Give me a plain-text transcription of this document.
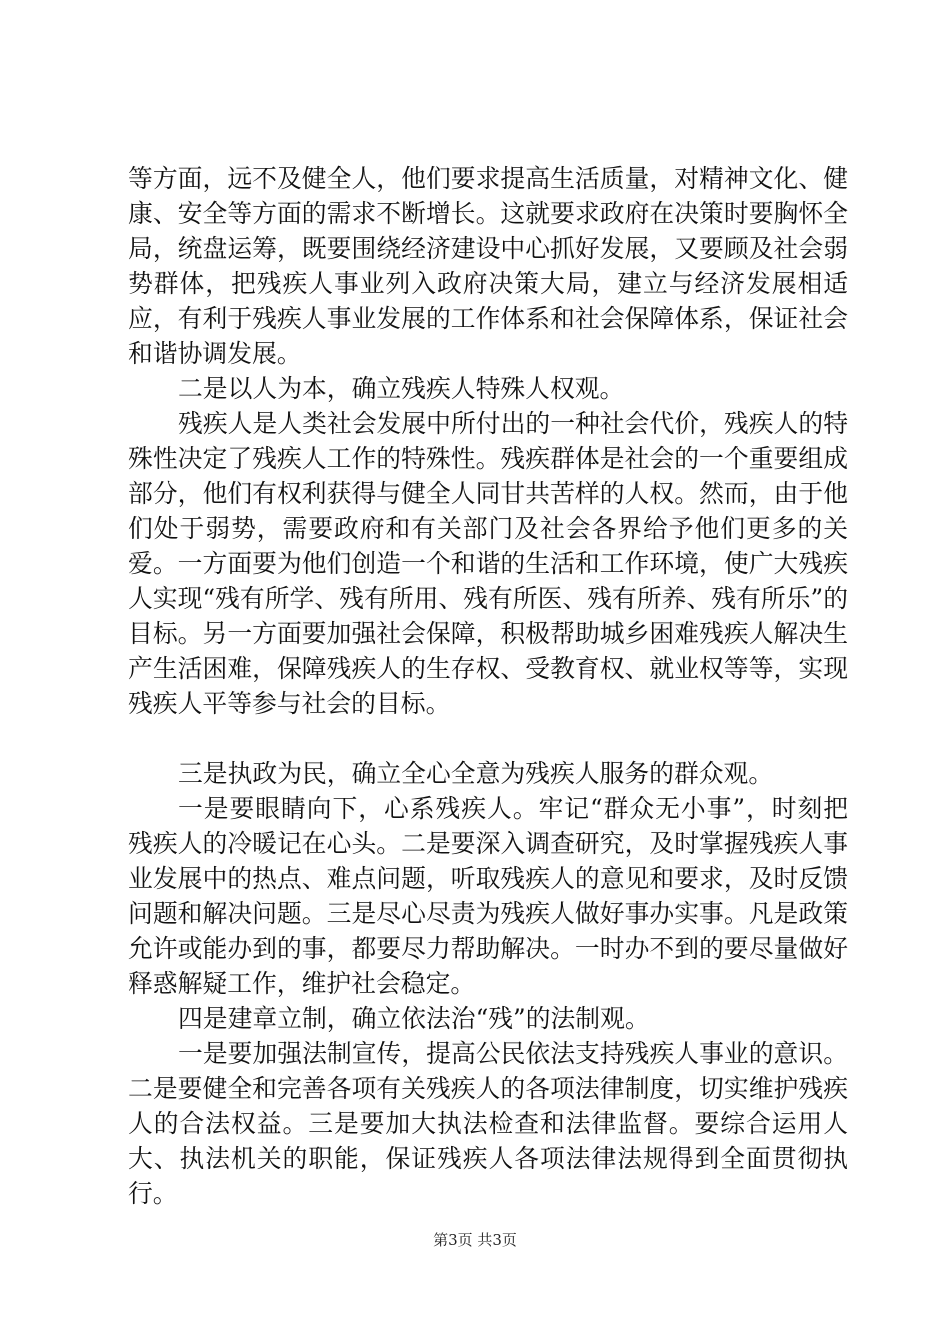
等方面，远不及健全人，他们要求提高生活质量，对精神文化、健康、安全等方面的需求不断增长。这就要求政府在决策时要胸怀全局，统盘运筹，既要围绕经济建设中心抓好发展，又要顾及社会弱势群体，把残疾人事业列入政府决策大局，建立与经济发展相适应，有利于残疾人事业发展的工作体系和社会保障体系，保证社会和谐协调发展。

二是以人为本，确立残疾人特殊人权观。

残疾人是人类社会发展中所付出的一种社会代价，残疾人的特殊性决定了残疾人工作的特殊性。残疾群体是社会的一个重要组成部分，他们有权利获得与健全人同甘共苦样的人权。然而，由于他们处于弱势，需要政府和有关部门及社会各界给予他们更多的关爱。一方面要为他们创造一个和谐的生活和工作环境，使广大残疾人实现“残有所学、残有所用、残有所医、残有所养、残有所乐”的目标。另一方面要加强社会保障，积极帮助城乡困难残疾人解决生产生活困难，保障残疾人的生存权、受教育权、就业权等等，实现残疾人平等参与社会的目标。

三是执政为民，确立全心全意为残疾人服务的群众观。

一是要眼睛向下，心系残疾人。牢记“群众无小事”，时刻把残疾人的冷暖记在心头。二是要深入调查研究，及时掌握残疾人事业发展中的热点、难点问题，听取残疾人的意见和要求，及时反馈问题和解决问题。三是尽心尽责为残疾人做好事办实事。凡是政策允许或能办到的事，都要尽力帮助解决。一时办不到的要尽量做好释惑解疑工作，维护社会稳定。

四是建章立制，确立依法治“残”的法制观。

一是要加强法制宣传，提高公民依法支持残疾人事业的意识。二是要健全和完善各项有关残疾人的各项法律制度，切实维护残疾人的合法权益。三是要加大执法检查和法律监督。要综合运用人大、执法机关的职能，保证残疾人各项法律法规得到全面贯彻执行。

第3页 共3页
